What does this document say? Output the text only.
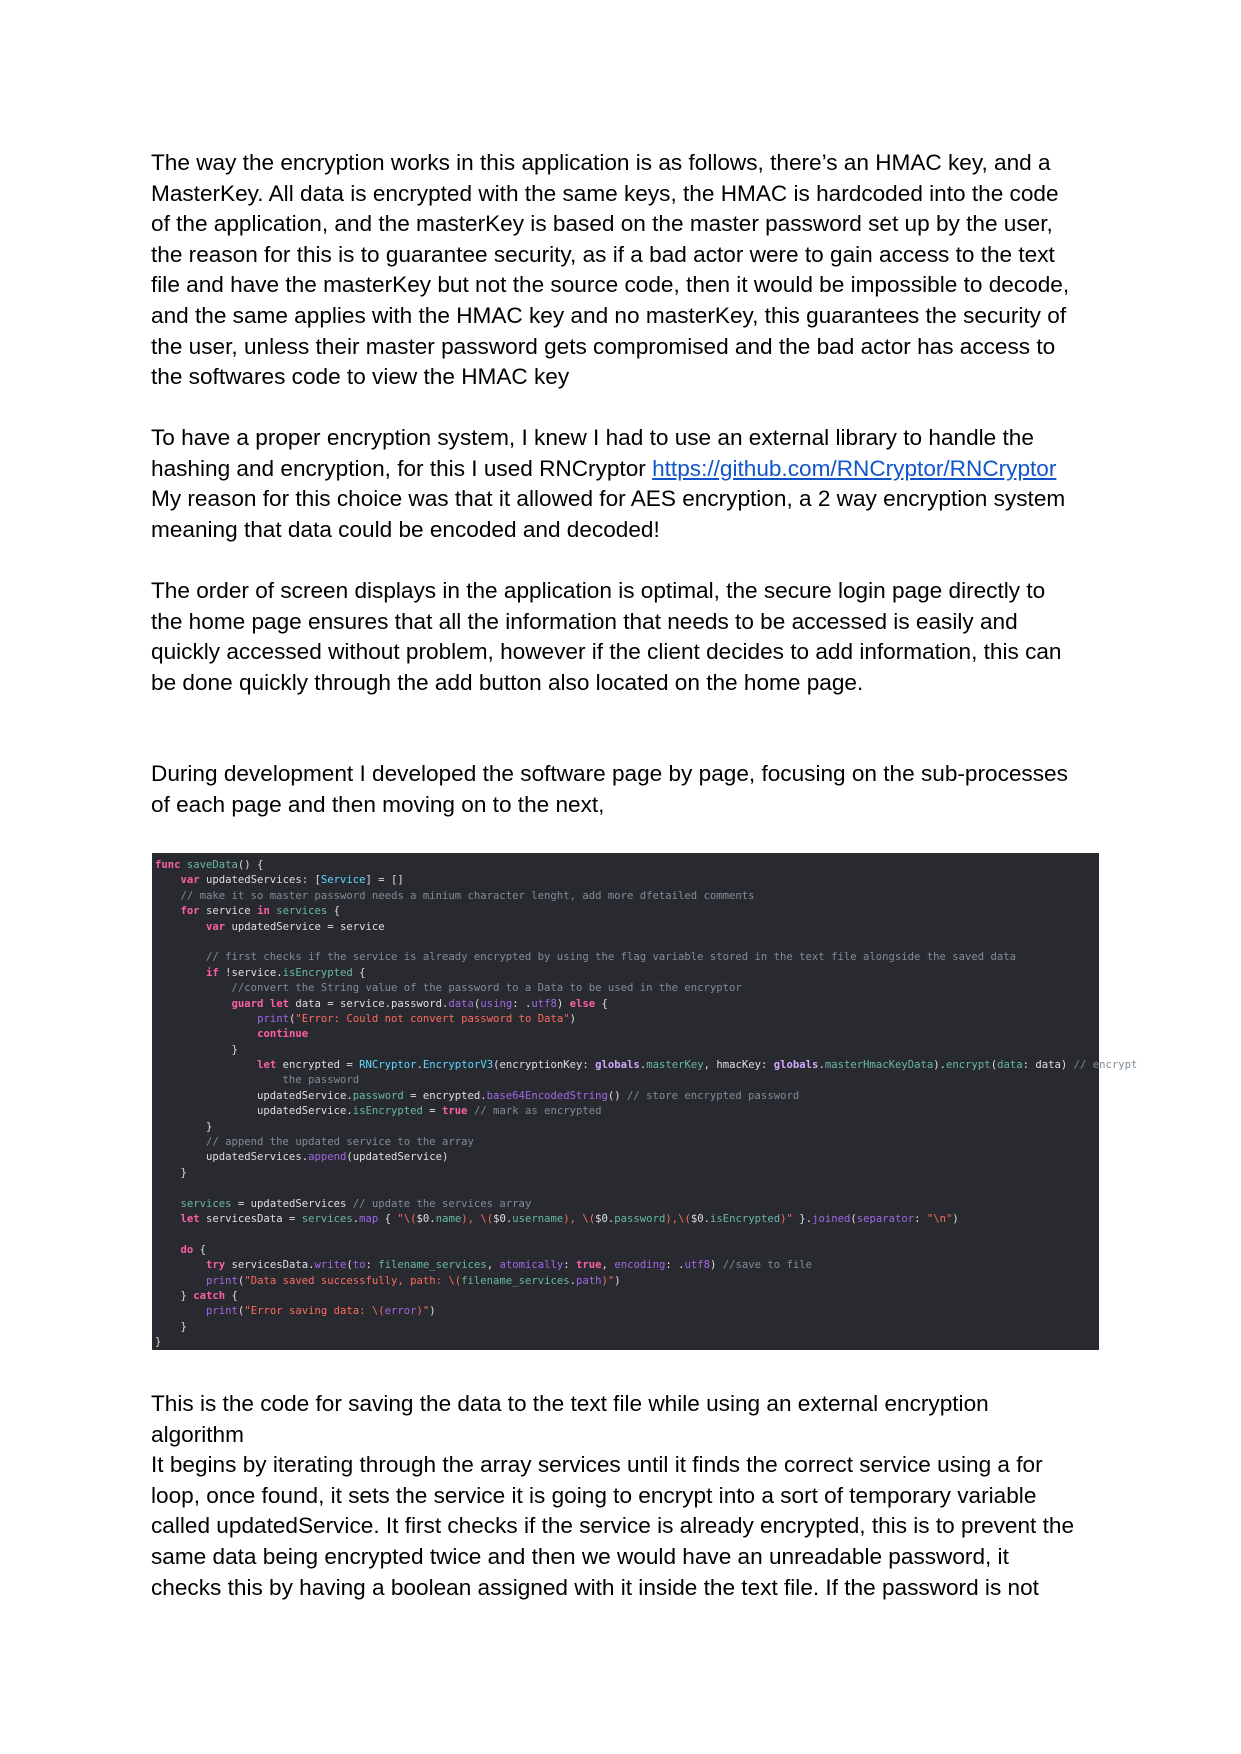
The way the encryption works in this application is as follows, there’s an HMAC key, and a
MasterKey. All data is encrypted with the same keys, the HMAC is hardcoded into the code
of the application, and the masterKey is based on the master password set up by the user,
the reason for this is to guarantee security, as if a bad actor were to gain access to the text
file and have the masterKey but not the source code, then it would be impossible to decode,
and the same applies with the HMAC key and no masterKey, this guarantees the security of
the user, unless their master password gets compromised and the bad actor has access to
the softwares code to view the HMAC key
To have a proper encryption system, I knew I had to use an external library to handle the
hashing and encryption, for this I used RNCryptor https://github.com/RNCryptor/RNCryptor
My reason for this choice was that it allowed for AES encryption, a 2 way encryption system
meaning that data could be encoded and decoded!
The order of screen displays in the application is optimal, the secure login page directly to
the home page ensures that all the information that needs to be accessed is easily and
quickly accessed without problem, however if the client decides to add information, this can
be done quickly through the add button also located on the home page.
During development I developed the software page by page, focusing on the sub-processes
of each page and then moving on to the next,
func saveData() {
var updatedServices: [Service] = []
// make it so master password needs a minium character lenght, add more dfetailed comments
for service in services {
var updatedService = service
// first checks if the service is already encrypted by using the flag variable stored in the text file alongside the saved data
if !service.isEncrypted {
//convert the String value of the password to a Data to be used in the encryptor
guard let data = service.password.data(using: .utf8) else {
print("Error: Could not convert password to Data")
continue
}
let encrypted = RNCryptor.EncryptorV3(encryptionKey: globals.masterKey, hmacKey: globals.masterHmacKeyData).encrypt(data: data) // encrypt
the password
updatedService.password = encrypted.base64EncodedString() // store encrypted password
updatedService.isEncrypted = true // mark as encrypted
}
// append the updated service to the array
updatedServices.append(updatedService)
}
services = updatedServices // update the services array
let servicesData = services.map { "\($0.name), \($0.username), \($0.password),\($0.isEncrypted)" }.joined(separator: "\n")
do {
try servicesData.write(to: filename_services, atomically: true, encoding: .utf8) //save to file
print("Data saved successfully, path: \(filename_services.path)")
} catch {
print("Error saving data: \(error)")
}
}
This is the code for saving the data to the text file while using an external encryption
algorithm
It begins by iterating through the array services until it finds the correct service using a for
loop, once found, it sets the service it is going to encrypt into a sort of temporary variable
called updatedService. It first checks if the service is already encrypted, this is to prevent the
same data being encrypted twice and then we would have an unreadable password, it
checks this by having a boolean assigned with it inside the text file. If the password is not
